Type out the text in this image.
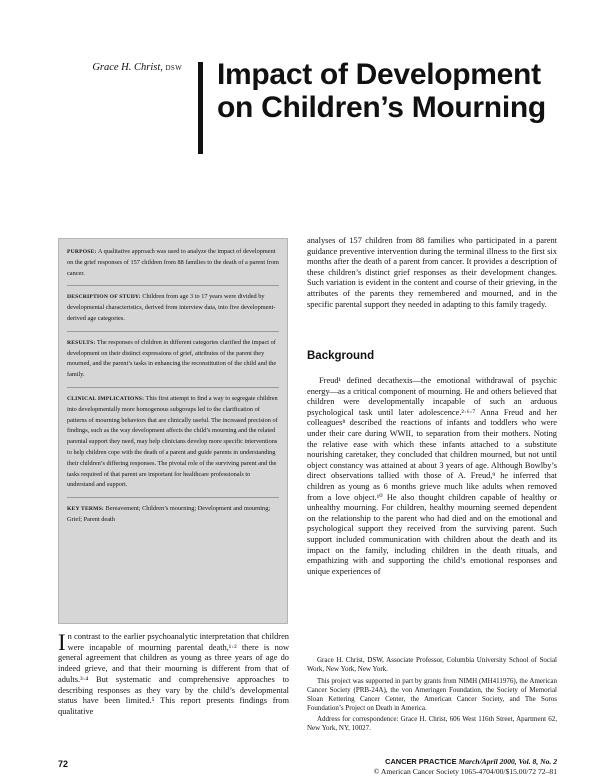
Grace H. Christ, DSW Impact of Development on Children’s Mourning
PURPOSE: A qualitative approach was used to analyze the impact of development on the grief responses of 157 children from 88 families to the death of a parent from cancer.
DESCRIPTION OF STUDY: Children from age 3 to 17 years were divided by developmental characteristics, derived from interview data, into five development-derived age categories.
RESULTS: The responses of children in different categories clarified the impact of development on their distinct expressions of grief, attributes of the parent they mourned, and the parent’s tasks in enhancing the reconstitution of the child and the family.
CLINICAL IMPLICATIONS: This first attempt to find a way to segregate children into developmentally more homogenous subgroups led to the clarification of patterns of mourning behaviors that are clinically useful. The increased precision of findings, such as the way development affects the child’s mourning and the related parental support they need, may help clinicians develop more specific interventions to help children cope with the death of a parent and guide parents in understanding their children’s differing responses. The pivotal role of the surviving parent and the tasks required of that parent are important for healthcare professionals to understand and support.
KEY TERMS: Bereavement; Children’s mourning; Development and mourning; Grief; Parent death

analyses of 157 children from 88 families who participated in a parent guidance preventive intervention during the terminal illness to the first six months after the death of a parent from cancer. It provides a description of these children’s distinct grief responses as their development changes. Such variation is evident in the content and course of their grieving, in the attributes of the parents they remembered and mourned, and in the specific parental support they needed in adapting to this family tragedy.

Background

Freud¹ defined decathexis—the emotional withdrawal of psychic energy—as a critical component of mourning. He and others believed that children were developmentally incapable of such an arduous psychological task until later adolescence.²·⁶·⁷ Anna Freud and her colleagues⁸ described the reactions of infants and toddlers who were under their care during WWII, to separation from their mothers. Noting the relative ease with which these infants attached to a substitute nourishing caretaker, they concluded that children mourned, but not until object constancy was attained at about 3 years of age. Although Bowlby’s direct observations tallied with those of A. Freud,⁹ he inferred that children as young as 6 months grieve much like adults when removed from a love object.¹⁰ He also thought children capable of healthy or unhealthy mourning. For children, healthy mourning seemed dependent on the relationship to the parent who had died and on the emotional and psychological support they received from the surviving parent. Such support included communication with children about the death and its impact on the family, including children in the death rituals, and empathizing with and supporting the child’s emotional responses and unique experiences of

In contrast to the earlier psychoanalytic interpretation that children were incapable of mourning parental death,¹·² there is now general agreement that children as young as three years of age do indeed grieve, and that their mourning is different from that of adults.³·⁴ But systematic and comprehensive approaches to describing responses as they vary by the child’s developmental status have been limited.⁵ This report presents findings from qualitative

Grace H. Christ, DSW, Associate Professor, Columbia University School of Social Work, New York, New York.

This project was supported in part by grants from NIMH (MH411976), the American Cancer Society (PRB-24A), the von Ameringen Foundation, the Society of Memorial Sloan Kettering Cancer Center, the American Cancer Society, and The Soros Foundation’s Project on Death in America.

Address for correspondence: Grace H. Christ, 606 West 116th Street, Apartment 62, New York, NY, 10027.

72	CANCER PRACTICE March/April 2000, Vol. 8, No. 2
© American Cancer Society 1065-4704/00/$15.00/72 72–81
